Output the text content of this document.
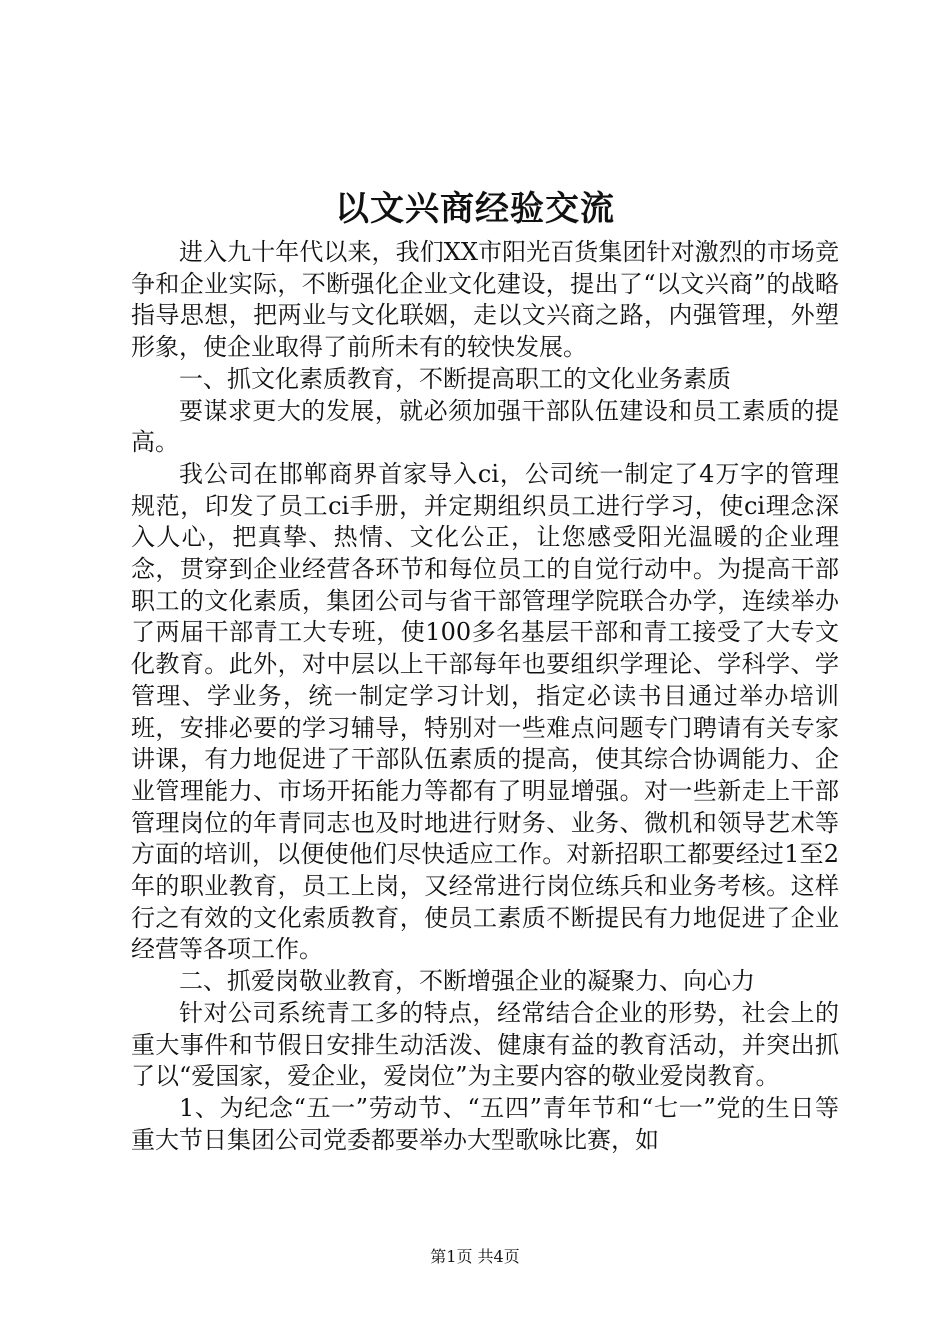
以文兴商经验交流

进入九十年代以来，我们XX市阳光百货集团针对激烈的市场竞争和企业实际，不断强化企业文化建设，提出了“以文兴商”的战略指导思想，把两业与文化联姻，走以文兴商之路，内强管理，外塑形象，使企业取得了前所未有的较快发展。

一、抓文化素质教育，不断提高职工的文化业务素质

要谋求更大的发展，就必须加强干部队伍建设和员工素质的提高。

我公司在邯郸商界首家导入ci，公司统一制定了4万字的管理规范，印发了员工ci手册，并定期组织员工进行学习，使ci理念深入人心，把真挚、热情、文化公正，让您感受阳光温暖的企业理念，贯穿到企业经营各环节和每位员工的自觉行动中。为提高干部职工的文化素质，集团公司与省干部管理学院联合办学，连续举办了两届干部青工大专班，使100多名基层干部和青工接受了大专文化教育。此外，对中层以上干部每年也要组织学理论、学科学、学管理、学业务，统一制定学习计划，指定必读书目通过举办培训班，安排必要的学习辅导，特别对一些难点问题专门聘请有关专家讲课，有力地促进了干部队伍素质的提高，使其综合协调能力、企业管理能力、市场开拓能力等都有了明显增强。对一些新走上干部管理岗位的年青同志也及时地进行财务、业务、微机和领导艺术等方面的培训，以便使他们尽快适应工作。对新招职工都要经过1至2年的职业教育，员工上岗，又经常进行岗位练兵和业务考核。这样行之有效的文化索质教育，使员工素质不断提民有力地促进了企业经营等各项工作。

二、抓爱岗敬业教育，不断增强企业的凝聚力、向心力

针对公司系统青工多的特点，经常结合企业的形势，社会上的重大事件和节假日安排生动活泼、健康有益的教育活动，并突出抓了以“爱国家，爱企业，爱岗位”为主要内容的敬业爱岗教育。

1、为纪念“五一”劳动节、“五四”青年节和“七一”党的生日等重大节日集团公司党委都要举办大型歌咏比赛，如

第1页 共4页
